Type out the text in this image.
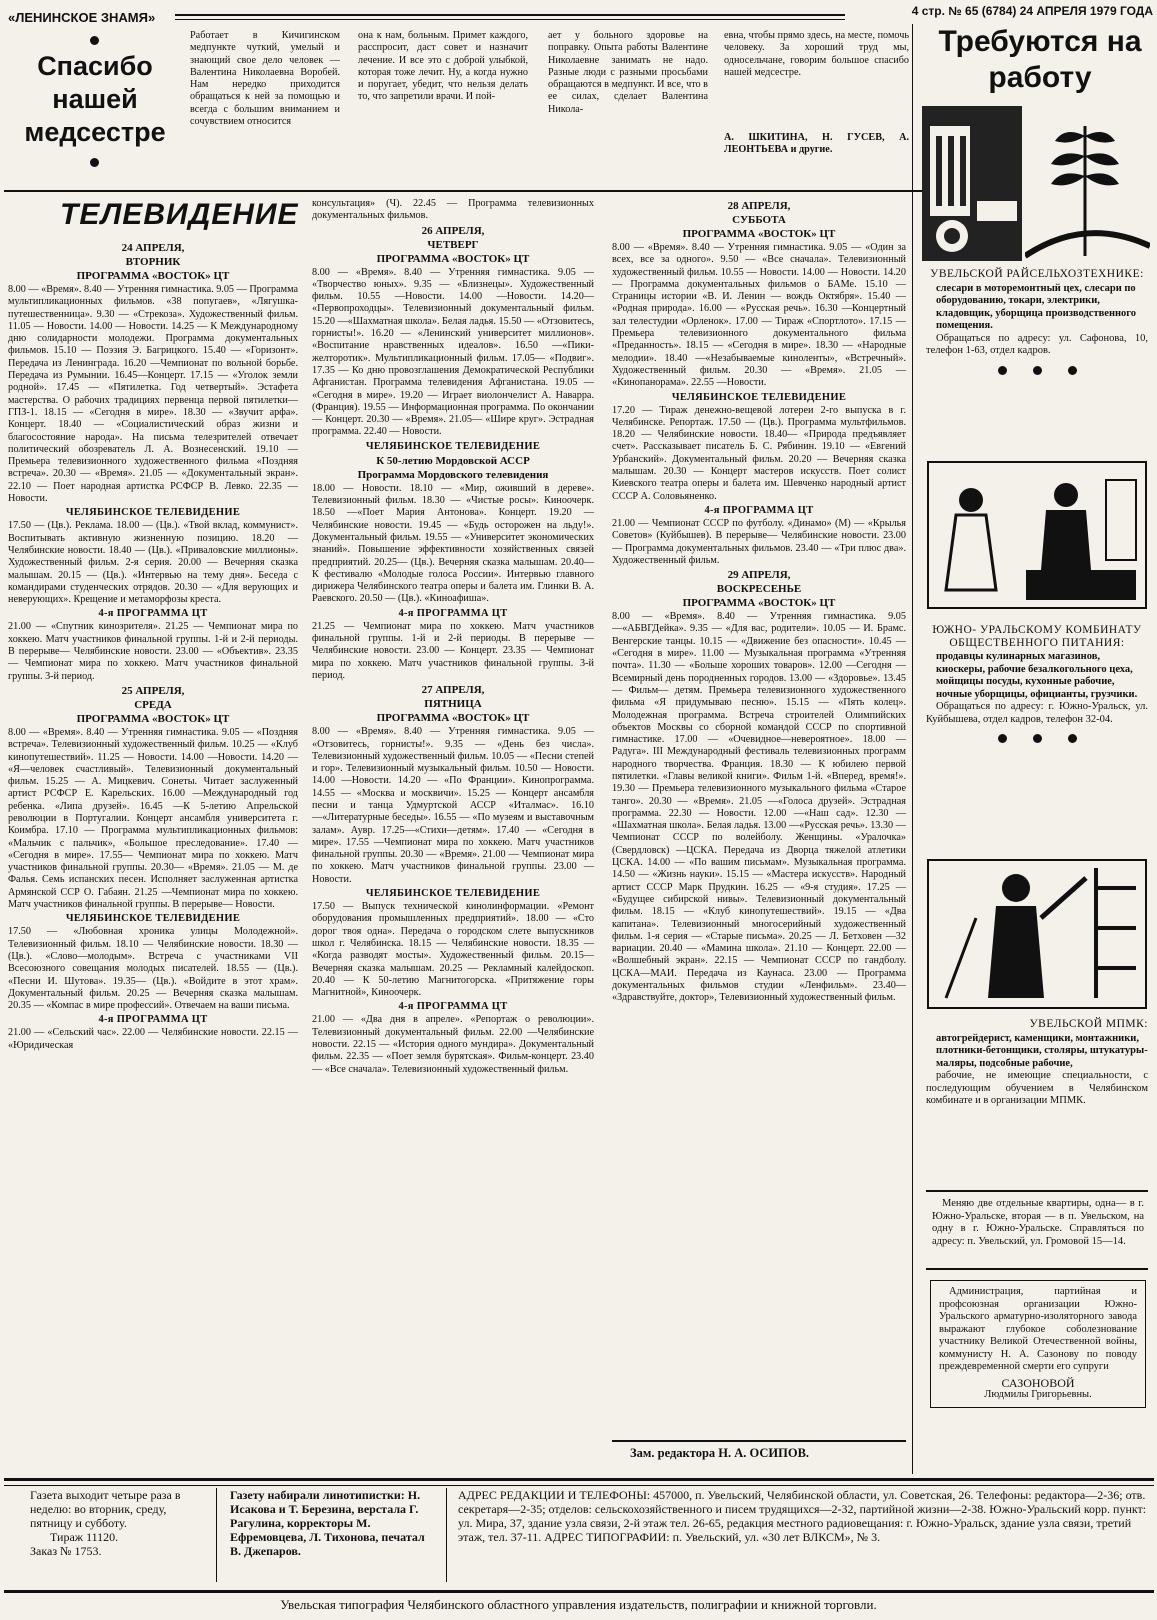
«ЛЕНИНСКОЕ ЗНАМЯ»	4 стр. № 65 (6784) 24 АПРЕЛЯ 1979 ГОДА
Спасибо нашей медсестре
Работает в Кичигинском медпункте чуткий, умелый и знающий свое дело человек —Валентина Николаевна Воробей. Нам нередко приходится обращаться к ней за помощью и всегда с большим вниманием и сочувствием относится
она к нам, больным. Примет каждого, расспросит, даст совет и назначит лечение. И все это с доброй улыбкой, которая тоже лечит. Ну, а когда нужно и поругает, убедит, что нельзя делать то, что запретили врачи. И пой-
ает у больного здоровье на поправку. Опыта работы Валентине Николаевне занимать не надо. Разные люди с разными просьбами обращаются в медпункт. И все, что в ее силах, сделает Валентина Никола-
евна, чтобы прямо здесь, на месте, помочь человеку. За хороший труд мы, односельчане, говорим большое спасибо нашей медсестре.
А. ШКИТИНА, Н. ГУСЕВ, А. ЛЕОНТЬЕВА и другие.
ТЕЛЕВИДЕНИЕ
24 АПРЕЛЯ,
ВТОРНИК
ПРОГРАММА «ВОСТОК» ЦТ
8.00 — «Время». 8.40 — Утренняя гимнастика. 9.05 — Программа мультипликационных фильмов. «38 попугаев», «Лягушка-путешественница». 9.30 — «Стрекоза». Художественный фильм. 11.05 — Новости. 14.00 — Новости. 14.25 — К Международному дню солидарности молодежи. Программа документальных фильмов. 15.10 — Поэзия Э. Багрицкого. 15.40 — «Горизонт». Передача из Ленинграда. 16.20 —Чемпионат по вольной борьбе. Передача из Румынии. 16.45—Концерт. 17.15 — «Уголок земли родной». 17.45 — «Пятилетка. Год четвертый». Эстафета мастерства. О рабочих традициях первенца первой пятилетки—ГПЗ-1. 18.15 — «Сегодня в мире». 18.30 — «Звучит арфа». Концерт. 18.40 — «Социалистический образ жизни и благосостояние народа». На письма телезрителей отвечает политический обозреватель Л. А. Вознесенский. 19.10 — Премьера телевизионного художественного фильма «Поздняя встреча». 20.30 — «Время». 21.05 — «Документальный экран». 22.10 — Поет народная артистка РСФСР В. Левко. 22.35 —Новости.
ЧЕЛЯБИНСКОЕ ТЕЛЕВИДЕНИЕ
17.50 — (Цв.). Реклама. 18.00 — (Цв.). «Твой вклад, коммунист». Воспитывать активную жизненную позицию. 18.20 —Челябинские новости. 18.40 — (Цв.). «Приваловские миллионы». Художественный фильм. 2-я серия. 20.00 — Вечерняя сказка малышам. 20.15 — (Цв.). «Интервью на тему дня». Беседа с командирами студенческих отрядов. 20.30 — «Для верующих и неверующих». Крещение и метаморфозы креста.
4-я ПРОГРАММА ЦТ
21.00 — «Спутник кинозрителя». 21.25 — Чемпионат мира по хоккею. Матч участников финальной группы. 1-й и 2-й периоды. В перерыве— Челябинские новости. 23.00 — «Объектив». 23.35 — Чемпионат мира по хоккею. Матч участников финальной группы. 3-й период.
25 АПРЕЛЯ,
СРЕДА
ПРОГРАММА «ВОСТОК» ЦТ
8.00 — «Время». 8.40 — Утренняя гимнастика. 9.05 — «Поздняя встреча». Телевизионный художественный фильм. 10.25 — «Клуб кинопутешествий». 11.25 — Новости. 14.00 —Новости. 14.20 — «Я—человек счастливый». Телевизионный документальный фильм. 15.25 — А. Мицкевич. Сонеты. Читает заслуженный артист РСФСР Е. Карельских. 16.00 —Международный год ребенка. «Липа друзей». 16.45 —К 5-летию Апрельской революции в Португалии. Концерт ансамбля университета г. Коимбра. 17.10 — Программа мультипликационных фильмов: «Мальчик с пальчик», «Большое преследование». 17.40 — «Сегодня в мире». 17.55— Чемпионат мира по хоккею. Матч участников финальной группы. 20.30— «Время». 21.05 — М. де Фалья. Семь испанских песен. Исполняет заслуженная артистка Армянской ССР О. Габаян. 21.25 —Чемпионат мира по хоккею. Матч участников финальной группы. В перерыве— Новости.
ЧЕЛЯБИНСКОЕ ТЕЛЕВИДЕНИЕ
17.50 — «Любовная хроника улицы Молодежной». Телевизионный фильм. 18.10 — Челябинские новости. 18.30 — (Цв.). «Слово—молодым». Встреча с участниками VII Всесоюзного совещания молодых писателей. 18.55 — (Цв.). «Песни И. Шутова». 19.35— (Цв.). «Войдите в этот храм». Документальный фильм. 20.25 — Вечерняя сказка малышам. 20.35 — «Компас в мире профессий». Отвечаем на ваши письма.
4-я ПРОГРАММА ЦТ
21.00 — «Сельский час». 22.00 — Челябинские новости. 22.15 — «Юридическая
консультация» (Ч). 22.45 — Программа телевизионных документальных фильмов.
26 АПРЕЛЯ,
ЧЕТВЕРГ
ПРОГРАММА «ВОСТОК» ЦТ
8.00 — «Время». 8.40 — Утренняя гимнастика. 9.05 — «Творчество юных». 9.35 — «Близнецы». Художественный фильм. 10.55 —Новости. 14.00 —Новости. 14.20— «Первопроходцы». Телевизионный документальный фильм. 15.20 —«Шахматная школа». Белая ладья. 15.50 — «Отзовитесь, горнисты!». 16.20 — «Ленинский университет миллионов». «Воспитание нравственных идеалов». 16.50 —«Пики-желторотик». Мультипликационный фильм. 17.05— «Подвиг». 17.35 — Ко дню провозглашения Демократической Республики Афганистан. Программа телевидения Афганистана. 19.05 — «Сегодня в мире». 19.20 — Играет виолончелист А. Наварра. (Франция). 19.55 — Информационная программа. По окончании — Концерт. 20.30 — «Время». 21.05— «Шире круг». Эстрадная программа. 22.40 — Новости.
ЧЕЛЯБИНСКОЕ ТЕЛЕВИДЕНИЕ
К 50-летию Мордовской АССР
Программа Мордовского телевидения
18.00 — Новости. 18.10 — «Мир, оживший в дереве». Телевизионный фильм. 18.30 — «Чистые росы». Киноочерк. 18.50 —«Поет Мария Антонова». Концерт. 19.20 — Челябинские новости. 19.45 — «Будь осторожен на льду!». Документальный фильм. 19.55 — «Университет экономических знаний». Повышение эффективности хозяйственных связей предприятий. 20.25— (Цв.). Вечерняя сказка малышам. 20.40—К фестивалю «Молодые голоса России». Интервью главного дирижера Челябинского театра оперы и балета им. Глинки В. А. Раевского. 20.50 — (Цв.). «Киноафиша».
4-я ПРОГРАММА ЦТ
21.25 — Чемпионат мира по хоккею. Матч участников финальной группы. 1-й и 2-й периоды. В перерыве —Челябинские новости. 23.00 — Концерт. 23.35 — Чемпионат мира по хоккею. Матч участников финальной группы. 3-й период.
27 АПРЕЛЯ,
ПЯТНИЦА
ПРОГРАММА «ВОСТОК» ЦТ
8.00 — «Время». 8.40 — Утренняя гимнастика. 9.05 — «Отзовитесь, горнисты!». 9.35 — «День без числа». Телевизионный художественный фильм. 10.05 — «Песни степей и гор». Телевизионный музыкальный фильм. 10.50 — Новости. 14.00 —Новости. 14.20 — «По Франции». Кинопрограмма. 14.55 — «Москва и москвичи». 15.25 — Концерт ансамбля песни и танца Удмуртской АССР «Италмас». 16.10 —«Литературные беседы». 16.55 — «По музеям и выставочным залам». Аувр. 17.25—«Стихи—детям». 17.40 — «Сегодня в мире». 17.55 —Чемпионат мира по хоккею. Матч участников финальной группы. 20.30 — «Время». 21.00 — Чемпионат мира по хоккею. Матч участников финальной группы. 23.00 — Новости.
ЧЕЛЯБИНСКОЕ ТЕЛЕВИДЕНИЕ
17.50 — Выпуск технической кинолинформации. «Ремонт оборудования промышленных предприятий». 18.00 — «Сто дорог твоя одна». Передача о городском слете выпускников школ г. Челябинска. 18.15 — Челябинские новости. 18.35 — «Когда разводят мосты». Художественный фильм. 20.15— Вечерняя сказка малышам. 20.25 — Рекламный калейдоскоп. 20.40 — К 50-летию Магнитогорска. «Притяжение горы Магнитной», Киноочерк.
4-я ПРОГРАММА ЦТ
21.00 — «Два дня в апреле». «Репортаж о революции». Телевизионный документальный фильм. 22.00 —Челябинские новости. 22.15 — «История одного мундира». Документальный фильм. 22.35 — «Поет земля бурятская». Фильм-концерт. 23.40 — «Все сначала». Телевизионный художественный фильм.
28 АПРЕЛЯ,
СУББОТА
ПРОГРАММА «ВОСТОК» ЦТ
8.00 — «Время». 8.40 — Утренняя гимнастика. 9.05 — «Один за всех, все за одного». 9.50 — «Все сначала». Телевизионный художественный фильм. 10.55 — Новости. 14.00 — Новости. 14.20 — Программа документальных фильмов о БАМе. 15.10 — Страницы истории «В. И. Ленин — вождь Октября». 15.40 — «Родная природа». 16.00 — «Русская речь». 16.30 —Концертный зал телестудии «Орленок». 17.00 — Тираж «Спортлото». 17.15 — Премьера телевизионного документального фильма «Преданность». 18.15 — «Сегодня в мире». 18.30 — «Народные мелодии». 18.40 —«Незабываемые киноленты», «Встречный». Художественный фильм. 20.30 — «Время». 21.05 — «Кинопанорама». 22.55 —Новости.
ЧЕЛЯБИНСКОЕ ТЕЛЕВИДЕНИЕ
17.20 — Тираж денежно-вещевой лотереи 2-го выпуска в г. Челябинске. Репортаж. 17.50 — (Цв.). Программа мультфильмов. 18.20 — Челябинские новости. 18.40— «Природа предъявляет счет». Рассказывает писатель Б. С. Рябинин. 19.10 — «Евгений Урбанский». Документальный фильм. 20.20 — Вечерняя сказка малышам. 20.30 — Концерт мастеров искусств. Поет солист Киевского театра оперы и балета им. Шевченко народный артист СССР А. Соловьяненко.
4-я ПРОГРАММА ЦТ
21.00 — Чемпионат СССР по футболу. «Динамо» (М) — «Крылья Советов» (Куйбышев). В перерыве— Челябинские новости. 23.00 — Программа документальных фильмов. 23.40 — «Три плюс два». Художественный фильм.
29 АПРЕЛЯ,
ВОСКРЕСЕНЬЕ
ПРОГРАММА «ВОСТОК» ЦТ
8.00 — «Время». 8.40 — Утренняя гимнастика. 9.05—«АБВГДейка». 9.35 — «Для вас, родители». 10.05 — И. Брамс. Венгерские танцы. 10.15 — «Движение без опасности». 10.45 — «Сегодня в мире». 11.00 — Музыкальная программа «Утренняя почта». 11.30 — «Больше хороших товаров». 12.00 —Сегодня —Всемирный день породненных городов. 13.00 — «Здоровье». 13.45 — Фильм— детям. Премьера телевизионного художественного фильма «Я придумываю песню». 15.15 — «Пять колец». Молодежная программа. Встреча строителей Олимпийских объектов Москвы со сборной командой СССР по спортивной гимнастике. 17.00 — «Очевидное—невероятное». 18.00 — Радуга». III Международный фестиваль телевизионных программ народного творчества. Франция. 18.30 — К юбилею первой пятилетки. «Главы великой книги». Фильм 1-й. «Вперед, время!». 19.30 — Премьера телевизионного музыкального фильма «Старое танго». 20.30 — «Время». 21.05 —«Голоса друзей». Эстрадная программа. 22.30 — Новости. 12.00 —«Наш сад». 12.30 — «Шахматная школа». Белая ладья. 13.00 —«Русская речь». 13.30 — Чемпионат СССР по волейболу. Женщины. «Уралочка» (Свердловск) —ЦСКА. Передача из Дворца тяжелой атлетики ЦСКА. 14.00 — «По вашим письмам». Музыкальная программа. 14.50 — «Жизнь науки». 15.15 — «Мастера искусств». Народный артист СССР Марк Прудкин. 16.25 — «9-я студия». 17.25 — «Будущее сибирской нивы». Телевизионный документальный фильм. 18.15 — «Клуб кинопутешествий». 19.15 — «Два капитана». Телевизионный многосерийный художественный фильм. 1-я серия — «Старые письма». 20.25 — Л. Бетховен —32 вариации. 20.40 — «Мамина школа». 21.10 — Концерт. 22.00 — «Волшебный экран». 22.15 — Чемпионат СССР по гандболу. ЦСКА—МАИ. Передача из Каунаса. 23.00 — Программа документальных фильмов студии «Ленфильм». 23.40— «Здравствуйте, доктор», Телевизионный художественный фильм.
Зам. редактора Н. А. ОСИПОВ.
Требуются на работу
УВЕЛЬСКОЙ РАЙСЕЛЬХОЗТЕХНИКЕ:
слесари в моторемонтный цех, слесари по оборудованию, токари, электрики, кладовщик, уборщица производственного помещения.
Обращаться по адресу: ул. Сафонова, 10, телефон 1-63, отдел кадров.
ЮЖНО- УРАЛЬСКОМУ КОМБИНАТУ ОБЩЕСТВЕННОГО ПИТАНИЯ:
продавцы кулинарных магазинов, киоскеры, рабочие безалкогольного цеха, мойщицы посуды, кухонные рабочие, ночные уборщицы, официанты, грузчики.
Обращаться по адресу: г. Южно-Уральск, ул. Куйбышева, отдел кадров, телефон 32-04.
УВЕЛЬСКОЙ МПМК:
автогрейдерист, каменщики, монтажники, плотники-бетонщики, столяры, штукатуры-маляры, подсобные рабочие,
рабочие, не имеющие специальности, с последующим обучением в Челябинском комбинате и в организации МПМК.
Меняю две отдельные квартиры, одна— в г. Южно-Уральске, вторая — в п. Увельском, на одну в г. Южно-Уральске. Справляться по адресу: п. Увельский, ул. Громовой 15—14.
Администрация, партийная и профсоюзная организации Южно- Уральского арматурно-изоляторного завода выражают глубокое соболезнование участнику Великой Отечественной войны, коммунисту Н. А. Сазонову по поводу преждевременной смерти его супруги
САЗОНОВОЙ
Людмилы Григорьевны.
Газета выходит четыре раза в неделю: во вторник, среду, пятницу и субботу.
Тираж 11120.
Заказ № 1753.
Газету набирали линотипистки: Н. Исакова и Т. Березина, верстала Г. Рагулина, корректоры М. Ефремовцева, Л. Тихонова, печатал В. Джепаров.
АДРЕС РЕДАКЦИИ И ТЕЛЕФОНЫ: 457000, п. Увельский, Челябинской области, ул. Советская, 26. Телефоны: редактора—2-36; отв. секретаря—2-35; отделов: сельскохозяйственного и писем трудящихся—2-32, партийной жизни—2-38. Южно-Уральский корр. пункт: ул. Мира, 37, здание узла связи, 2-й этаж тел. 26-65, редакция местного радиовещания: г. Южно-Уральск, здание узла связи, третий этаж, тел. 37-11. АДРЕС ТИПОГРАФИИ: п. Увельский, ул. «30 лет ВЛКСМ», № 3.
Увельская типография Челябинского областного управления издательств, полиграфии и книжной торговли.
